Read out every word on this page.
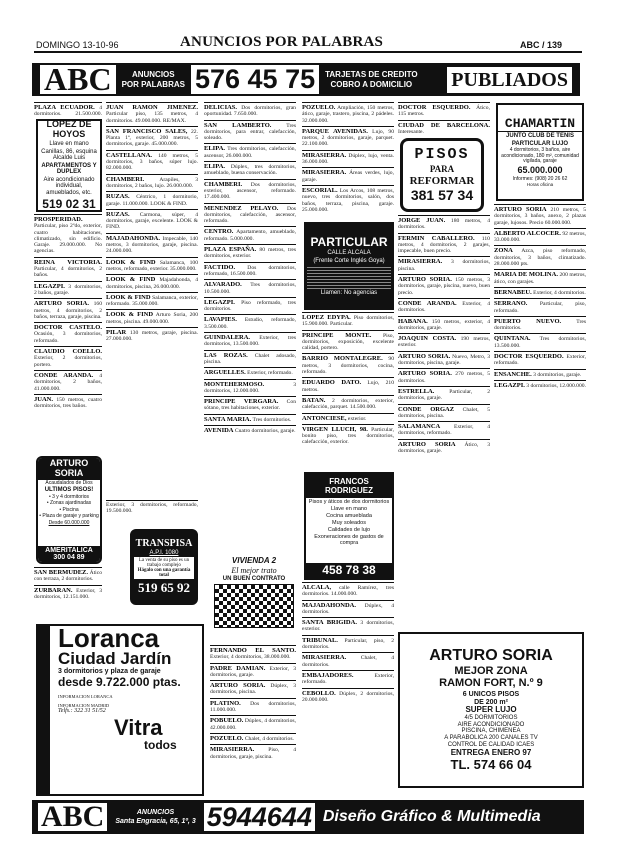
DOMINGO 13-10-96	ANUNCIOS POR PALABRAS	ABC / 139
ABC	ANUNCIOS
POR PALABRAS 576 45 75	TARJETAS DE CREDITO
COBRO A DOMICILIO PUBLIADOS
PLAZA ECUADOR. 4 dormitorios. 21.500.000.
PROSPERIDAD. Particular, piso 2ºdo, exterior, cuatro habitaciones, climatizado, sin edificio. Garaje. 29.000.000. No agencias.
REINA VICTORIA. Particular, 4 dormitorios, 2 baños.
LEGAZPI. 3 dormitorios, 2 baños, garaje.
ARTURO SORIA. 160 metros, 4 dormitorios, 2 baños, terraza, garaje, piscina.
DOCTOR CASTELO. Ocasión, 3 dormitorios, reformado.
CLAUDIO COELLO. Exterior, 2 dormitorios, portero.
CONDE ARANDA. 4 dormitorios, 2 baños, 41.000.000.
JUAN. 150 metros, cuatro dormitorios, tres baños.
SAN BERMUDEZ. Ático con terraza, 2 dormitorios.
ZURBARAN. Exterior, 3 dormitorios, 12.151.000.
JUAN RAMON JIMENEZ. Particular piso, 135 metros, 4 dormitorios. 49.000.000. RE/MAX.
SAN FRANCISCO SALES, 22. Planta 1ª, exterior, 200 metros, 5 dormitorios, garaje. 45.000.000.
CASTELLANA. 140 metros, 5 dormitorios, 3 baños, súper lujo. 82.000.000.
CHAMBERI.	Arapiles, 3 dormitorios, 2 baños, lujo. 26.000.000.
RUZAS. Céntrico, 1 dormitorio, garaje. 11.000.000. LOOK & FIND.
RUZAS. Carmona, súper, 4 dormitorios, garaje, excelente. LOOK & FIND.
MAJADAHONDA. Impecable, 140 metros, 3 dormitorios, garaje, piscina. 24.000.000.
LOOK & FIND Salamanca, 100 metros, reformado, exterior. 35.000.000.
LOOK & FIND Majadahonda, 4 dormitorios, piscina, 26.000.000.
LOOK & FIND Salamanca, exterior, reformado. 35.000.000.
LOOK & FIND Arturo Soria, 200 metros, piscina. 49.000.000.
PILAR 130 metros, garaje, piscina. 27.000.000.
Exterior, 3 dormitorios, reformado, 19.500.000.
DELICIAS. Dos dormitorios, gran oportunidad. 7.650.000.
SAN LAMBERTO.	Tres dormitorios, para entrar, calefacción, soleado.
ELIPA. Tres dormitorios, calefacción, ascensor, 26.000.000.
ELIPA. Dúplex, tres dormitorios, amueblado, buena conservación.
CHAMBERI. Dos dormitorios, exterior, ascensor, reformado. 17.400.000.
MENENDEZ PELAYO. Dos dormitorios, calefacción, ascensor, reformado.
CENTRO. Apartamento, amueblado, reformado. 5.000.000.
PLAZA ESPAÑA. 80 metros, tres dormitorios, exterior.
FACTIDO. Dos dormitorios, reformado, 16.500.000.
ALVARADO. Tres dormitorios, 10.500.000.
LEGAZPI. Piso reformado, tres dormitorios.
LAVAPIES. Estudio, reformado, 3.500.000.
GUINDALERA. Exterior, tres dormitorios, 13.500.000.
LAS ROZAS. Chalet adosado, piscina.
ARGUELLES. Exterior, reformado.
MONTEHERMOSO.	3 dormitorios, 12.000.000.
PRINCIPE VERGARA. Con sótano, tres habitaciones, exterior.
SANTA MARIA. Tres dormitorios.
AVENIDA Cuatro dormitorios, garaje.
FERNANDO EL SANTO. Exterior, 4 dormitorios, 38.000.000.
PADRE DAMIAN. Exterior, 3 dormitorios, garaje.
ARTURO SORIA. Dúplex, 3 dormitorios, piscina.
PLATINO. Dos dormitorios, 11.000.000.
POBUELO. Dúplex, 4 dormitorios, 42.000.000.
POZUELO. Chalet, 4 dormitorios.
MIRASIERRA. Piso, 4 dormitorios, garaje, piscina.
POZUELO. Ampliación, 150 metros, ático, garaje, trastero, piscina, 2 pádeles. 32.000.000.
PARQUE AVENIDAS. Lujo, 90 metros, 2 dormitorios, garaje, parquet. 22.100.000.
MIRASIERRA. Dúplex, lujo, venta. 36.000.000.
MIRASIERRA. Áreas verdes, lujo, garaje.
ESCORIAL. Los Arcos, 108 metros, nuevo, tres dormitorios, salón, dos baños, terraza, piscina, garaje. 25.000.000.
LOPEZ EDYPA. Piso dormitorios, 15.900.000. Particular.
PRINCIPE MONTE. Piso, dormitorios, exposición, excelente calidad, portero.
BARRIO MONTALEGRE. 90 metros, 3 dormitorios, cocina, reformado.
EDUARDO DATO. Lujo, 210 metros.
BATAN. 2 dormitorios, exterior, calefacción, parquet. 14.500.000.
ANTONCIESE, exterior.
VIRGEN LLUCH, 98. Particular, bonito piso, tres dormitorios, calefacción, exterior.
ALCALA, calle Ramírez, tres dormitorios. 14.000.000.
MAJADAHONDA. Dúplex, 4 dormitorios.
SANTA BRIGIDA. 3 dormitorios, exterior.
TRIBUNAL. Particular, piso, 2 dormitorios.
MIRASIERRA.	Chalet, 4 dormitorios.
EMBAJADORES.	Exterior, reformado.
CEBOLLO. Dúplex, 2 dormitorios, 20.000.000.
DOCTOR ESQUERDO. Ático, 115 metros.
CIUDAD DE BARCELONA. Interesante.
JORGE JUAN. 180 metros, 4 dormitorios.
FERMIN CABALLERO. 110 metros, 4 dormitorios, 2 garajes, impecable, buen precio.
MIRASIERRA. 3 dormitorios, piscina.
ARTURO SORIA. 150 metros, 3 dormitorios, garaje, piscina, nuevo, buen precio.
CONDE ARANDA. Exterior, 4 dormitorios.
HABANA. 150 metros, exterior, 4 dormitorios, garaje.
JOAQUIN COSTA. 190 metros, exterior.
ARTURO SORIA. Nuevo, Metro, 3 dormitorios, piscina, garaje.
ARTURO SORIA. 270 metros, 5 dormitorios.
ESTRELLA.	Particular, 2 dormitorios, garaje.
CONDE ORGAZ Chalet, 5 dormitorios, piscina.
SALAMANCA Exterior, 4 dormitorios, reformado.
ARTURO SORIA Ático, 3 dormitorios, garaje.
ARTURO SORIA 210 metros, 5 dormitorios, 3 baños, anexo, 2 plazas garaje, lujosos. Precio 60.000.000.
ALBERTO ALCOCER. 92 metros, 33.000.000.
ZONA Azca, piso reformado, dormitorios, 3 baños, climatizado. 28.000.000 pts.
MARIA DE MOLINA. 200 metros, ático, con garajes.
BERNABEU. Exterior, 4 dormitorios.
SERRANO. Particular, piso, reformado.
PUERTO NUEVO.	Tres dormitorios.
QUINTANA. Tres dormitorios, 13.500.000.
DOCTOR ESQUERDO. Exterior, reformado.
ENSANCHE. 3 dormitorios, garaje.
LEGAZPI. 3 dormitorios, 12.000.000.
LOPEZ DE HOYOS
Llave en mano
Canillas, 86, esquina Alcalde Luis
APARTAMENTOS Y DUPLEX
Aire acondicionado individual, amueblados, etc.
519 02 31
ARTURO SORIA
Acaudalados de Dios
ULTIMOS PISOS!
• 3 y 4 dormitorios
• Zonas ajardinadas
• Piscina
• Plaza de garaje y parking
Desde 60.000.000
AMERITALICA
300 04 89
TRANSPISA
A.P.I. 1080
La venta de su piso es un trabajo complejo
Hágalo con una garantía total
519 65 92
VIVIENDA 2
El mejor trato
UN BUEN CONTRATO
PARTICULAR
CALLE ALCALA
(Frente Corte Inglés Goya)
Llamen: No agencias
FRANCOS RODRIGUEZ
Pisos y áticos de dos dormitorios
Llave en mano
Cocina amueblada
Muy soleados
Calidades de lujo
Exoneraciones de gastos de compra
458 78 38
PISOS
PARA
REFORMAR
381 57 34
CHAMARTIN
JUNTO CLUB DE TENIS
PARTICULAR LUJO
4 dormitorios, 3 baños, aire acondicionado, 180 m², comunidad vigilada, garaje
65.000.000
Informes: (908) 20 26 62
Horas oficina
Loranca
Ciudad Jardín
3 dormitorios y plaza de garaje
desde 9.722.000 ptas.
INFORMACION LORANCA
INFORMACION MADRID
Telfs.: 322 31 51/52
Vitra
todos
ARTURO SORIA
MEJOR ZONA
RAMON FORT, N.º 9
6 UNICOS PISOS
DE 200 m²
SUPER LUJO
4/5 DORMITORIOS
AIRE ACONDICIONADO
PISCINA, CHIMENEA
A PARABOLICA 200 CANALES TV
CONTROL DE CALIDAD ICAES
ENTREGA ENERO 97
TL. 574 66 04
ABC	ANUNCIOS
Santa Engracia, 65, 1º, 3 5944644 Diseño Gráfico & Multimedia
